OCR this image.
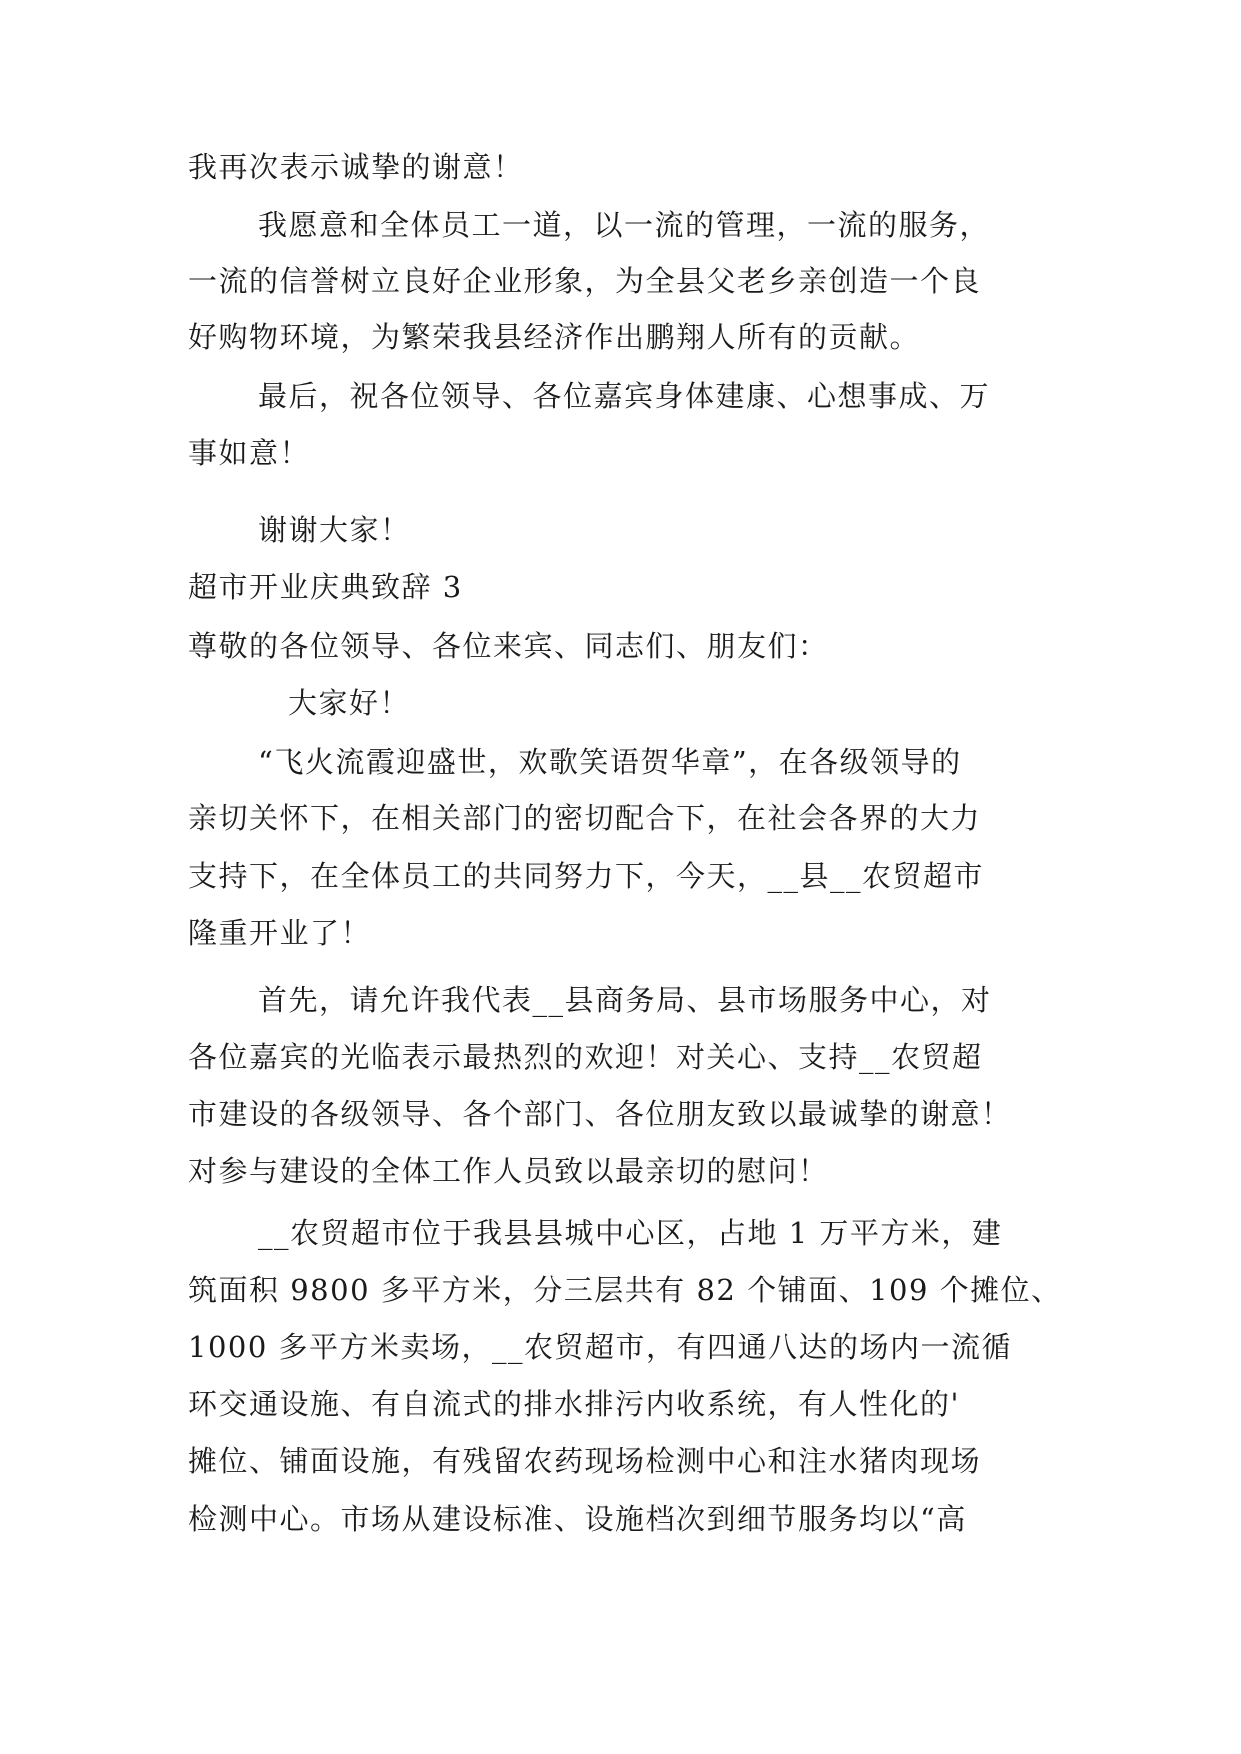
我再次表示诚挚的谢意！
我愿意和全体员工一道，以一流的管理，一流的服务，
一流的信誉树立良好企业形象，为全县父老乡亲创造一个良
好购物环境，为繁荣我县经济作出鹏翔人所有的贡献。
最后，祝各位领导、各位嘉宾身体建康、心想事成、万
事如意！
谢谢大家！
超市开业庆典致辞 3
尊敬的各位领导、各位来宾、同志们、朋友们：
大家好！
“飞火流霞迎盛世，欢歌笑语贺华章”，在各级领导的
亲切关怀下，在相关部门的密切配合下，在社会各界的大力
支持下，在全体员工的共同努力下，今天，__县__农贸超市
隆重开业了！
首先，请允许我代表__县商务局、县市场服务中心，对
各位嘉宾的光临表示最热烈的欢迎！对关心、支持__农贸超
市建设的各级领导、各个部门、各位朋友致以最诚挚的谢意！
对参与建设的全体工作人员致以最亲切的慰问！
__农贸超市位于我县县城中心区，占地 1 万平方米，建
筑面积 9800 多平方米，分三层共有 82 个铺面、109 个摊位、
1000 多平方米卖场，__农贸超市，有四通八达的场内一流循
环交通设施、有自流式的排水排污内收系统，有人性化的'
摊位、铺面设施，有残留农药现场检测中心和注水猪肉现场
检测中心。市场从建设标准、设施档次到细节服务均以“高
